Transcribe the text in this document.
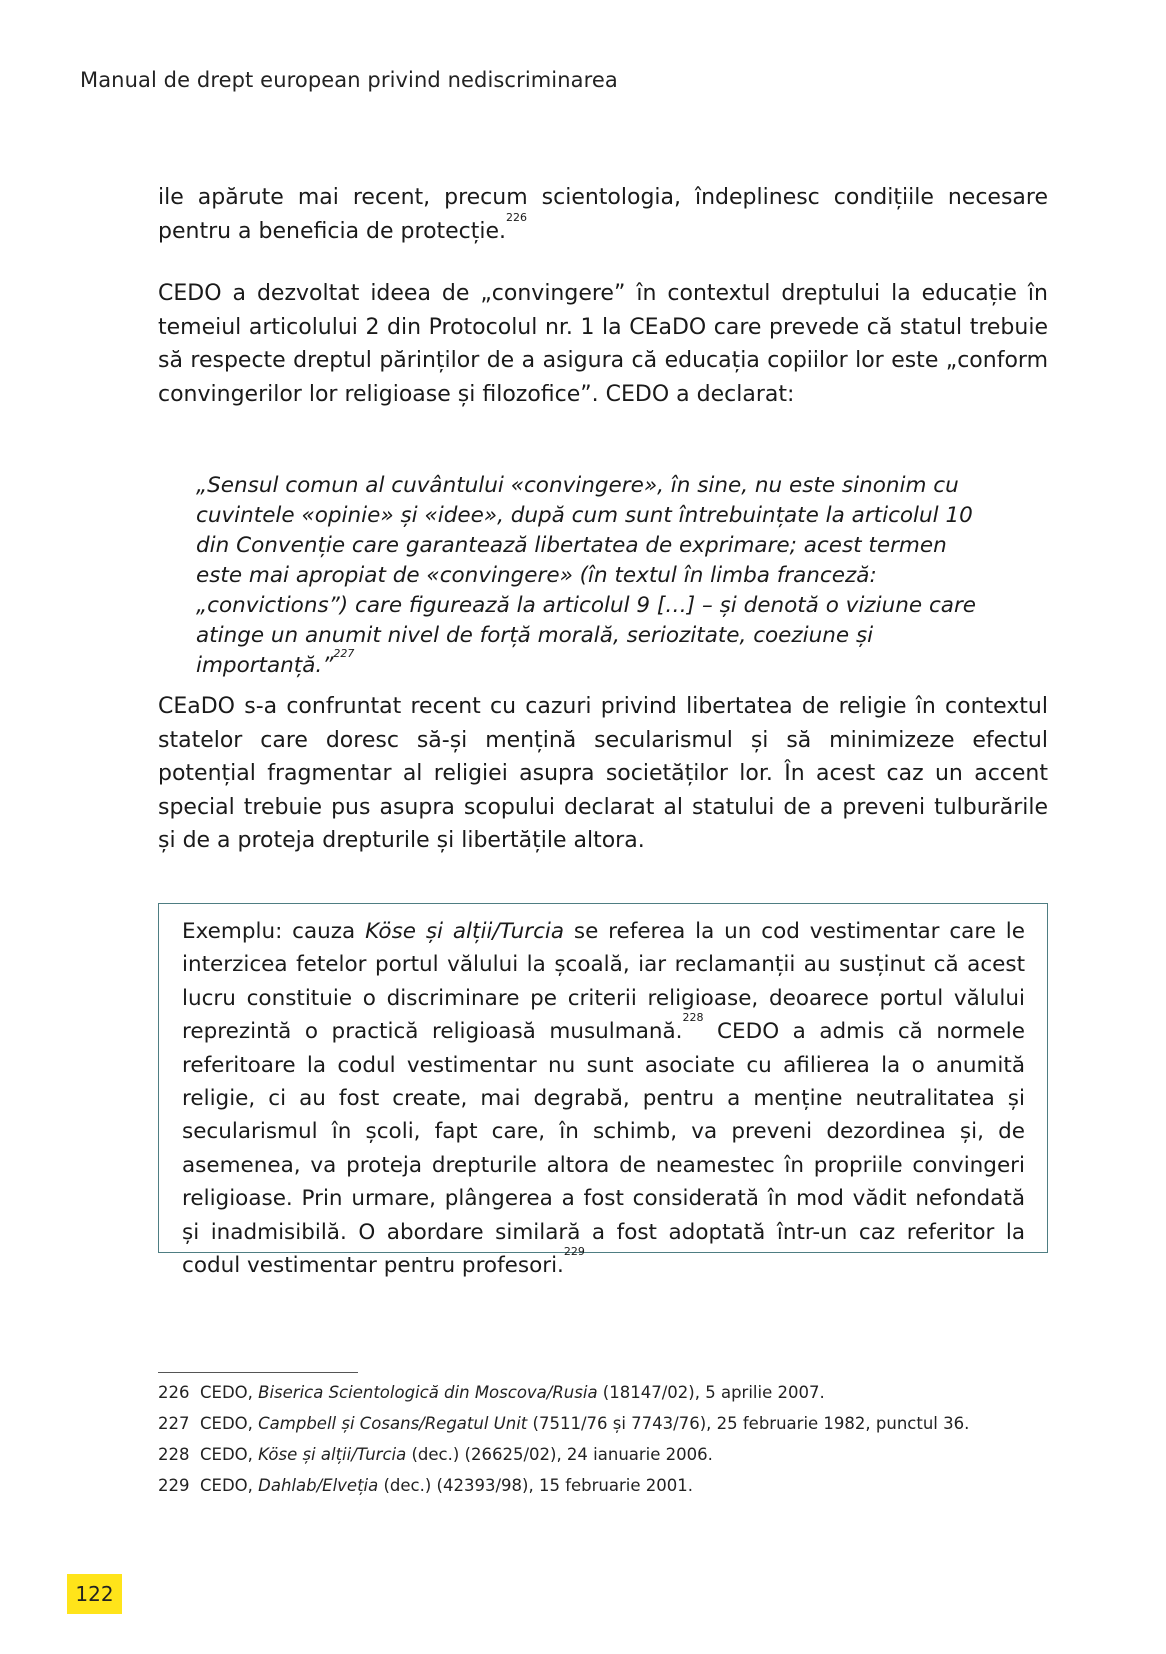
Manual de drept european privind nediscriminarea

ile apărute mai recent, precum scientologia, îndeplinesc condițiile necesare pentru a beneficia de protecție.$^{226}$

CEDO a dezvoltat ideea de „convingere” în contextul dreptului la educație în temeiul articolului 2 din Protocolul nr. 1 la CEaDO care prevede că statul trebuie să respecte dreptul părinților de a asigura că educația copiilor lor este „conform convingerilor lor religioase și filozofice”. CEDO a declarat:

„Sensul comun al cuvântului «convingere», în sine, nu este sinonim cu cuvintele «opinie» și «idee», după cum sunt întrebuințate la articolul 10 din Convenție care garantează libertatea de exprimare; acest termen este mai apropiat de «convingere» (în textul în limba franceză: „convictions”) care figurează la articolul 9 […] – și denotă o viziune care atinge un anumit nivel de forță morală, seriozitate, coeziune și importanță.”$^{227}$

CEaDO s-a confruntat recent cu cazuri privind libertatea de religie în contextul statelor care doresc să-și mențină secularismul și să minimizeze efectul potențial fragmentar al religiei asupra societăților lor. În acest caz un accent special trebuie pus asupra scopului declarat al statului de a preveni tulburările și de a proteja drepturile și libertățile altora.

Exemplu: cauza Köse și alții/Turcia se referea la un cod vestimentar care le interzicea fetelor portul vălului la școală, iar reclamanții au susținut că acest lucru constituie o discriminare pe criterii religioase, deoarece portul vălului reprezintă o practică religioasă musulmană.$^{228}$ CEDO a admis că normele referitoare la codul vestimentar nu sunt asociate cu afilierea la o anumită religie, ci au fost create, mai degrabă, pentru a menține neutralitatea și secularismul în școli, fapt care, în schimb, va preveni dezordinea și, de asemenea, va proteja drepturile altora de neamestec în propriile convingeri religioase. Prin urmare, plângerea a fost considerată în mod vădit nefondată și inadmisibilă. O abordare similară a fost adoptată într-un caz referitor la codul vestimentar pentru profesori.$^{229}$

226 CEDO, Biserica Scientologică din Moscova/Rusia (18147/02), 5 aprilie 2007.
227 CEDO, Campbell și Cosans/Regatul Unit (7511/76 și 7743/76), 25 februarie 1982, punctul 36.
228 CEDO, Köse și alții/Turcia (dec.) (26625/02), 24 ianuarie 2006.
229 CEDO, Dahlab/Elveția (dec.) (42393/98), 15 februarie 2001.
122
